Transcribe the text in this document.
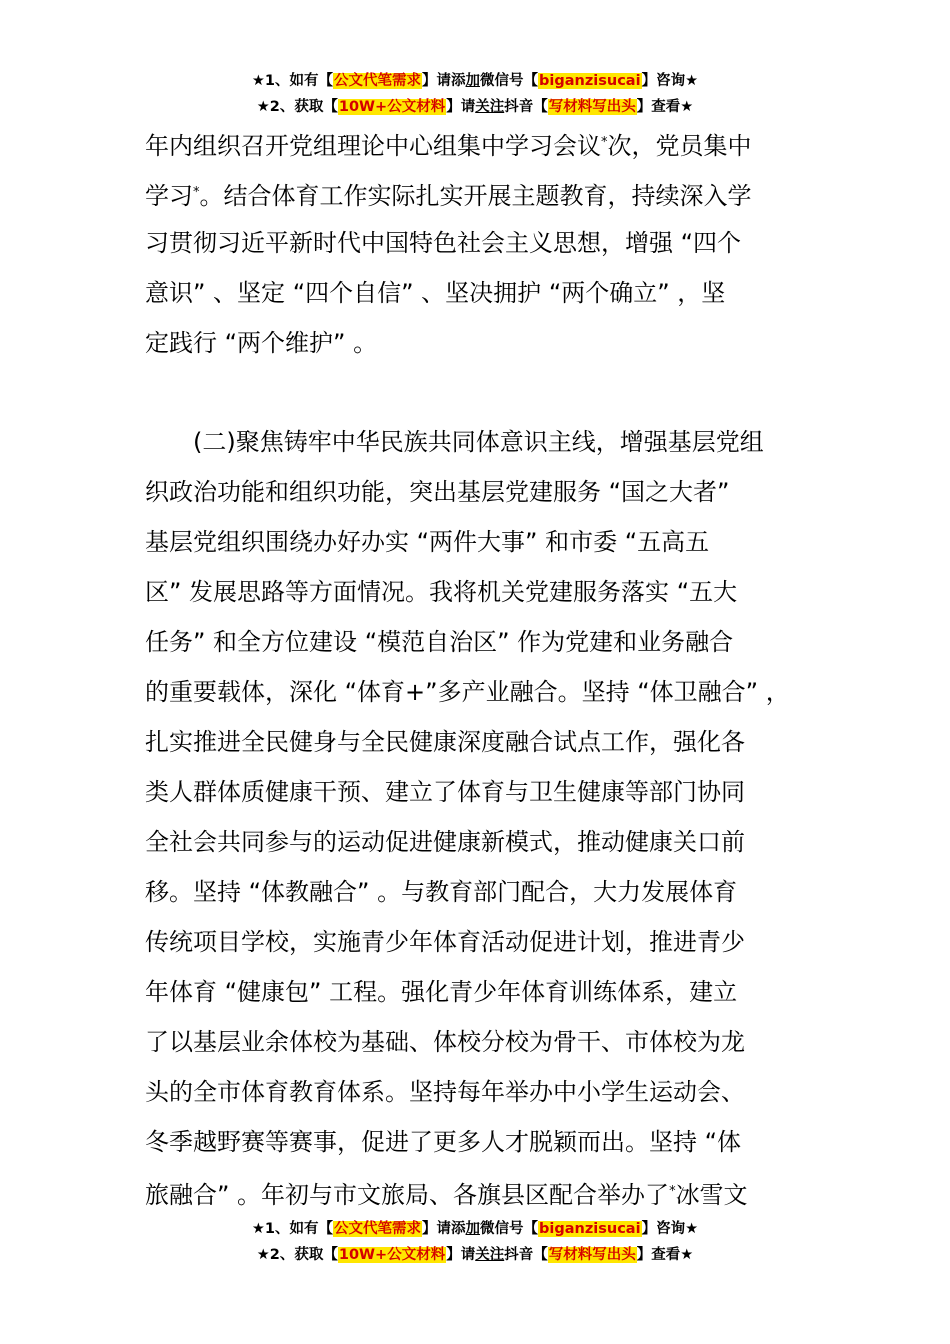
★1、如有【公文代笔需求】请添加微信号【biganzisucai】咨询★
★2、获取【10W+公文材料】请关注抖音【写材料写出头】查看★
年内组织召开党组理论中心组集中学习会议*次，党员集中
学习*。结合体育工作实际扎实开展主题教育，持续深入学
习贯彻习近平新时代中国特色社会主义思想，增强 “四个
意识” 、坚定 “四个自信” 、坚决拥护 “两个确立” ，坚
定践行 “两个维护” 。
(二)聚焦铸牢中华民族共同体意识主线，增强基层党组
织政治功能和组织功能，突出基层党建服务 “国之大者”
基层党组织围绕办好办实 “两件大事” 和市委 “五高五
区” 发展思路等方面情况。我将机关党建服务落实 “五大
任务” 和全方位建设 “模范自治区” 作为党建和业务融合
的重要载体，深化 “体育+”多产业融合。坚持 “体卫融合” ，
扎实推进全民健身与全民健康深度融合试点工作，强化各
类人群体质健康干预、建立了体育与卫生健康等部门协同
全社会共同参与的运动促进健康新模式，推动健康关口前
移。坚持 “体教融合” 。与教育部门配合，大力发展体育
传统项目学校，实施青少年体育活动促进计划，推进青少
年体育 “健康包” 工程。强化青少年体育训练体系，建立
了以基层业余体校为基础、体校分校为骨干、市体校为龙
头的全市体育教育体系。坚持每年举办中小学生运动会、
冬季越野赛等赛事，促进了更多人才脱颖而出。坚持 “体
旅融合” 。年初与市文旅局、各旗县区配合举办了*冰雪文
★1、如有【公文代笔需求】请添加微信号【biganzisucai】咨询★
★2、获取【10W+公文材料】请关注抖音【写材料写出头】查看★
